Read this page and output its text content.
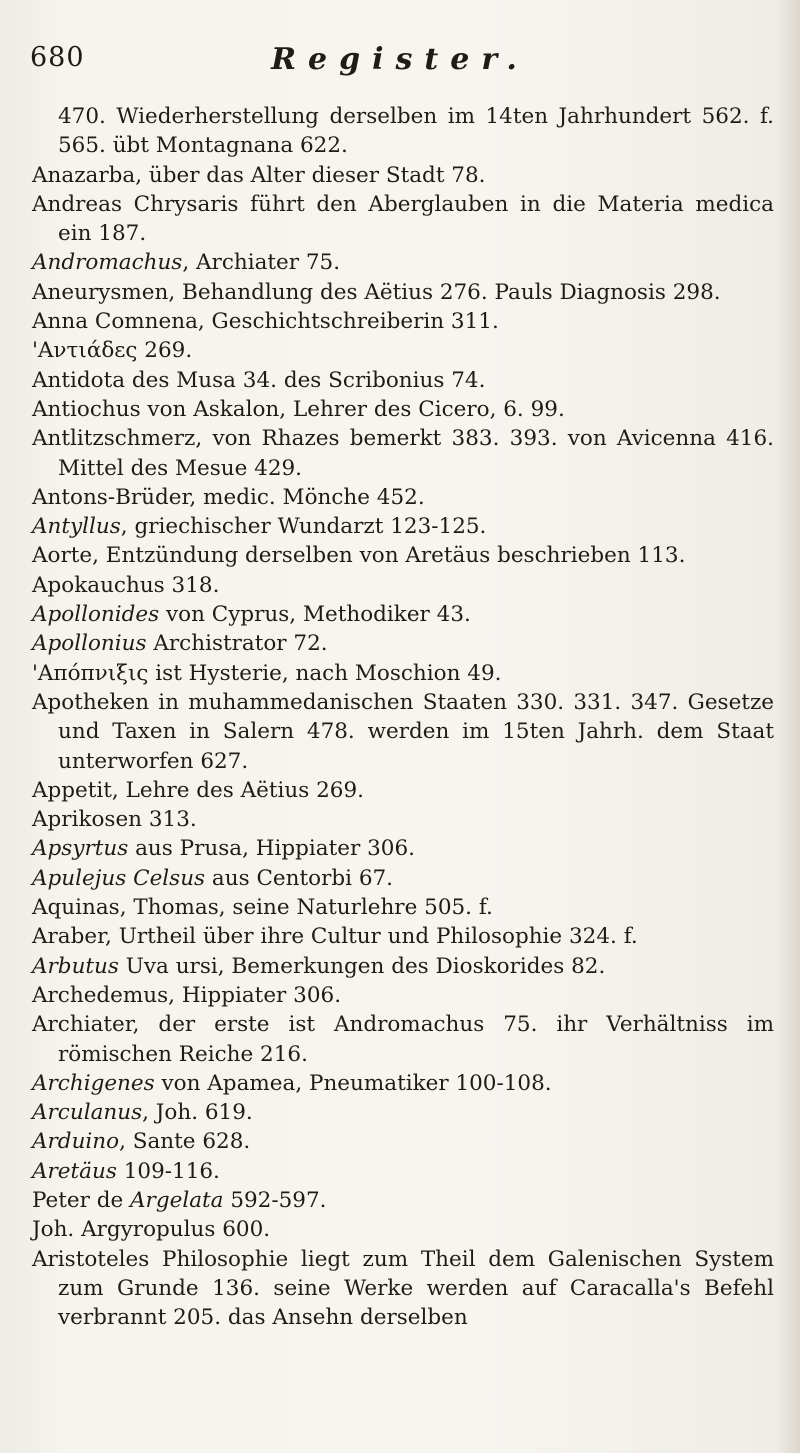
680	Register.
470. Wiederherstellung derselben im 14ten Jahrhundert 562. f. 565. übt Montagnana 622.
Anazarba, über das Alter dieser Stadt 78.
Andreas Chrysaris führt den Aberglauben in die Materia medica ein 187.
Andromachus, Archiater 75.
Aneurysmen, Behandlung des Aëtius 276. Pauls Diagnosis 298.
Anna Comnena, Geschichtschreiberin 311.
'Αντιάδες 269.
Antidota des Musa 34. des Scribonius 74.
Antiochus von Askalon, Lehrer des Cicero, 6. 99.
Antlitzschmerz, von Rhazes bemerkt 383. 393. von Avicenna 416. Mittel des Mesue 429.
Antons-Brüder, medic. Mönche 452.
Antyllus, griechischer Wundarzt 123-125.
Aorte, Entzündung derselben von Aretäus beschrieben 113.
Apokauchus 318.
Apollonides von Cyprus, Methodiker 43.
Apollonius Archistrator 72.
'Απόπνιξις ist Hysterie, nach Moschion 49.
Apotheken in muhammedanischen Staaten 330. 331. 347. Gesetze und Taxen in Salern 478. werden im 15ten Jahrh. dem Staat unterworfen 627.
Appetit, Lehre des Aëtius 269.
Aprikosen 313.
Apsyrtus aus Prusa, Hippiater 306.
Apulejus Celsus aus Centorbi 67.
Aquinas, Thomas, seine Naturlehre 505. f.
Araber, Urtheil über ihre Cultur und Philosophie 324. f.
Arbutus Uva ursi, Bemerkungen des Dioskorides 82.
Archedemus, Hippiater 306.
Archiater, der erste ist Andromachus 75. ihr Verhältniss im römischen Reiche 216.
Archigenes von Apamea, Pneumatiker 100-108.
Arculanus, Joh. 619.
Arduino, Sante 628.
Aretäus 109-116.
Peter de Argelata 592-597.
Joh. Argyropulus 600.
Aristoteles Philosophie liegt zum Theil dem Galenischen System zum Grunde 136. seine Werke werden auf Caracalla's Befehl verbrannt 205. das Ansehn derselben
